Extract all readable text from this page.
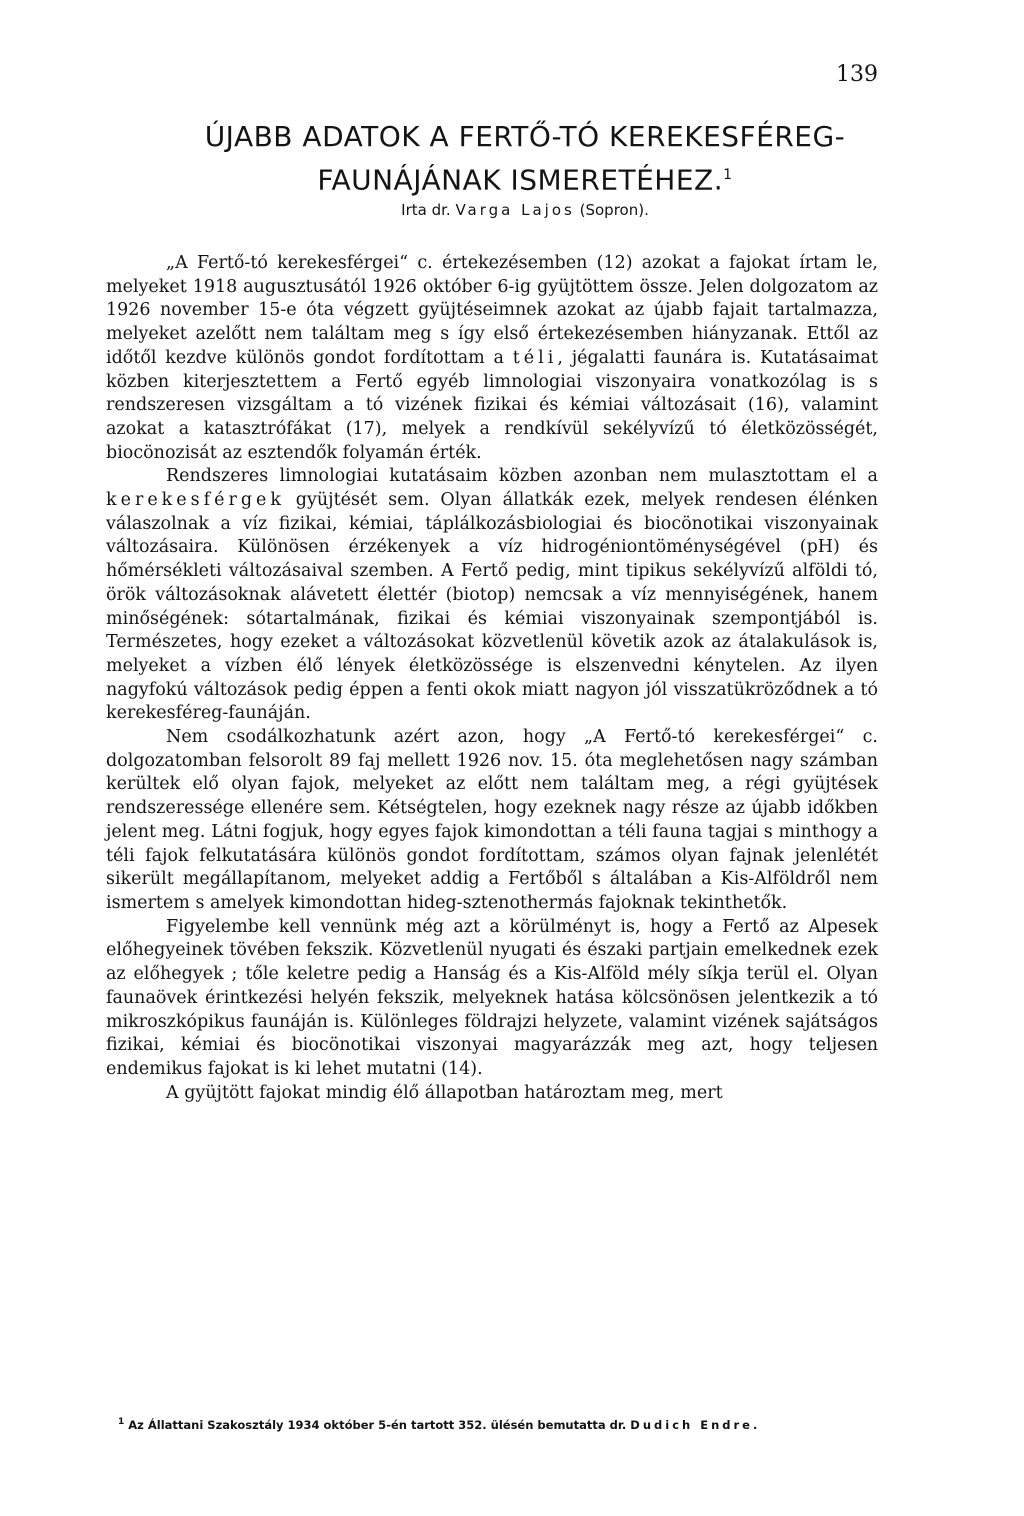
139
ÚJABB ADATOK A FERTŐ-TÓ KEREKESFÉREG-
FAUNÁJÁNAK ISMERETÉHEZ.$^1$
Irta dr. Varga Lajos (Sopron).

„A Fertő-tó kerekesférgei“ c. értekezésemben (12) azokat a fajokat írtam le, melyeket 1918 augusztusától 1926 október 6-ig gyüjtöttem össze. Jelen dolgozatom az 1926 november 15-e óta végzett gyüjtéseimnek azokat az újabb fajait tartalmazza, melyeket azelőtt nem találtam meg s így első értekezésemben hiányzanak. Ettől az időtől kezdve különös gondot fordítottam a téli, jégalatti faunára is. Kutatásaimat közben kiterjesztettem a Fertő egyéb limnologiai viszonyaira vonatkozólag is s rendszeresen vizsgáltam a tó vizének fizikai és kémiai változásait (16), valamint azokat a katasztrófákat (17), melyek a rendkívül sekélyvízű tó életközösségét, biocönozisát az esztendők folyamán érték.

Rendszeres limnologiai kutatásaim közben azonban nem mulasztottam el a kerekesférgek gyüjtését sem. Olyan állatkák ezek, melyek rendesen élénken válaszolnak a víz fizikai, kémiai, táplálkozásbiologiai és biocönotikai viszonyainak változásaira. Különösen érzékenyek a víz hidrogéniontöménységével (pH) és hőmérsékleti változásaival szemben. A Fertő pedig, mint tipikus sekélyvízű alföldi tó, örök változásoknak alávetett élettér (biotop) nemcsak a víz mennyiségének, hanem minőségének: sótartalmának, fizikai és kémiai viszonyainak szempontjából is. Természetes, hogy ezeket a változásokat közvetlenül követik azok az átalakulások is, melyeket a vízben élő lények életközössége is elszenvedni kénytelen. Az ilyen nagyfokú változások pedig éppen a fenti okok miatt nagyon jól visszatükröződnek a tó kerekesféreg-faunáján.

Nem csodálkozhatunk azért azon, hogy „A Fertő-tó kerekesférgei“ c. dolgozatomban felsorolt 89 faj mellett 1926 nov. 15. óta meglehetősen nagy számban kerültek elő olyan fajok, melyeket az előtt nem találtam meg, a régi gyüjtések rendszeressége ellenére sem. Kétségtelen, hogy ezeknek nagy része az újabb időkben jelent meg. Látni fogjuk, hogy egyes fajok kimondottan a téli fauna tagjai s minthogy a téli fajok felkutatására különös gondot fordítottam, számos olyan fajnak jelenlétét sikerült megállapítanom, melyeket addig a Fertőből s általában a Kis-Alföldről nem ismertem s amelyek kimondottan hideg-sztenothermás fajoknak tekinthetők.

Figyelembe kell vennünk még azt a körülményt is, hogy a Fertő az Alpesek előhegyeinek tövében fekszik. Közvetlenül nyugati és északi partjain emelkednek ezek az előhegyek ; tőle keletre pedig a Hanság és a Kis-Alföld mély síkja terül el. Olyan faunaövek érintkezési helyén fekszik, melyeknek hatása kölcsönösen jelentkezik a tó mikroszkópikus faunáján is. Különleges földrajzi helyzete, valamint vizének sajátságos fizikai, kémiai és biocönotikai viszonyai magyarázzák meg azt, hogy teljesen endemikus fajokat is ki lehet mutatni (14).

A gyüjtött fajokat mindig élő állapotban határoztam meg, mert

$^1$ Az Állattani Szakosztály 1934 október 5-én tartott 352. ülésén bemutatta dr. Dudich Endre.
